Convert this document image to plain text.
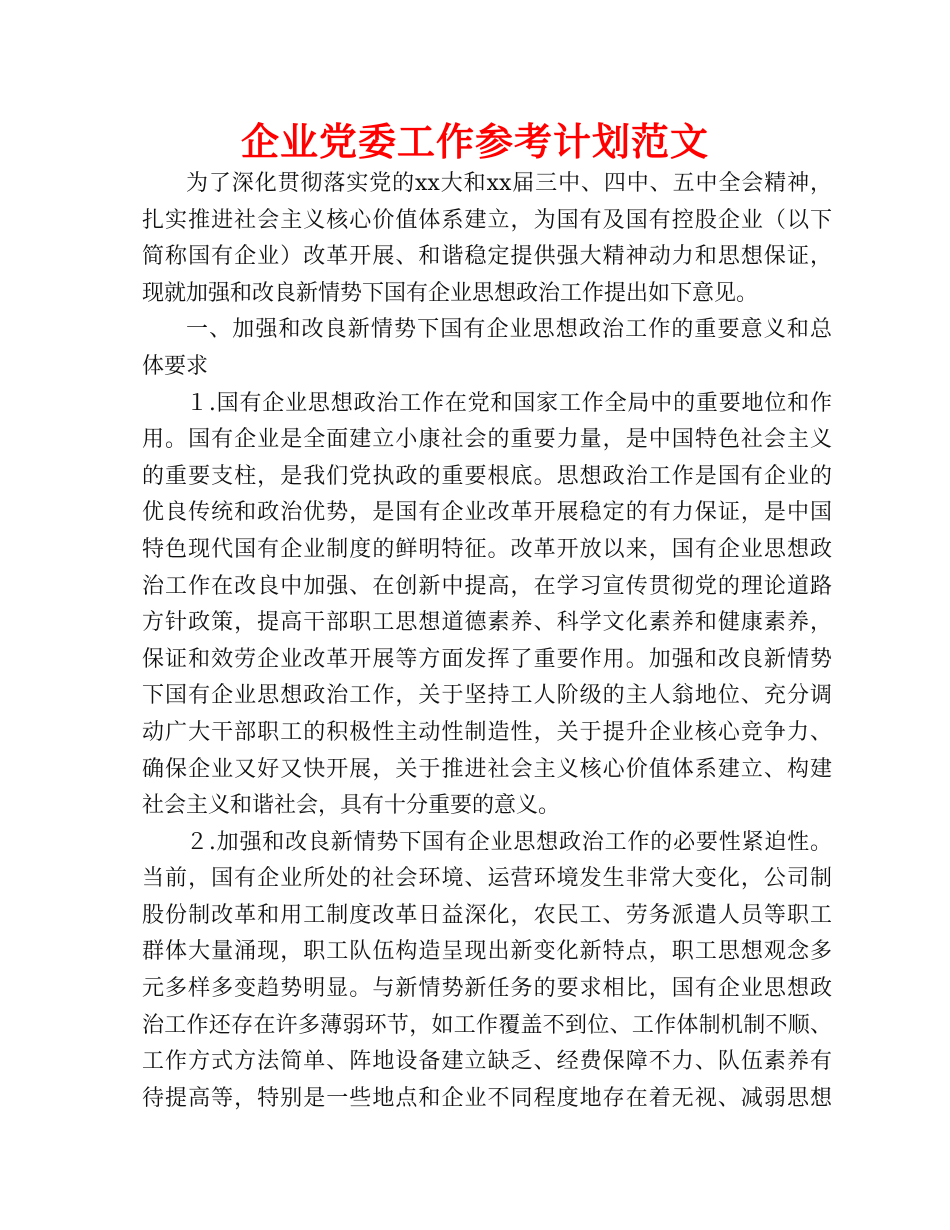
企业党委工作参考计划范文
为了深化贯彻落实党的xx大和xx届三中、四中、五中全会精神，
扎实推进社会主义核心价值体系建立，为国有及国有控股企业（以下
简称国有企业）改革开展、和谐稳定提供强大精神动力和思想保证，
现就加强和改良新情势下国有企业思想政治工作提出如下意见。
一、加强和改良新情势下国有企业思想政治工作的重要意义和总
体要求
１.国有企业思想政治工作在党和国家工作全局中的重要地位和作
用。国有企业是全面建立小康社会的重要力量，是中国特色社会主义
的重要支柱，是我们党执政的重要根底。思想政治工作是国有企业的
优良传统和政治优势，是国有企业改革开展稳定的有力保证，是中国
特色现代国有企业制度的鲜明特征。改革开放以来，国有企业思想政
治工作在改良中加强、在创新中提高，在学习宣传贯彻党的理论道路
方针政策，提高干部职工思想道德素养、科学文化素养和健康素养，
保证和效劳企业改革开展等方面发挥了重要作用。加强和改良新情势
下国有企业思想政治工作，关于坚持工人阶级的主人翁地位、充分调
动广大干部职工的积极性主动性制造性，关于提升企业核心竞争力、
确保企业又好又快开展，关于推进社会主义核心价值体系建立、构建
社会主义和谐社会，具有十分重要的意义。
２.加强和改良新情势下国有企业思想政治工作的必要性紧迫性。
当前，国有企业所处的社会环境、运营环境发生非常大变化，公司制
股份制改革和用工制度改革日益深化，农民工、劳务派遣人员等职工
群体大量涌现，职工队伍构造呈现出新变化新特点，职工思想观念多
元多样多变趋势明显。与新情势新任务的要求相比，国有企业思想政
治工作还存在许多薄弱环节，如工作覆盖不到位、工作体制机制不顺、
工作方式方法简单、阵地设备建立缺乏、经费保障不力、队伍素养有
待提高等，特别是一些地点和企业不同程度地存在着无视、减弱思想
